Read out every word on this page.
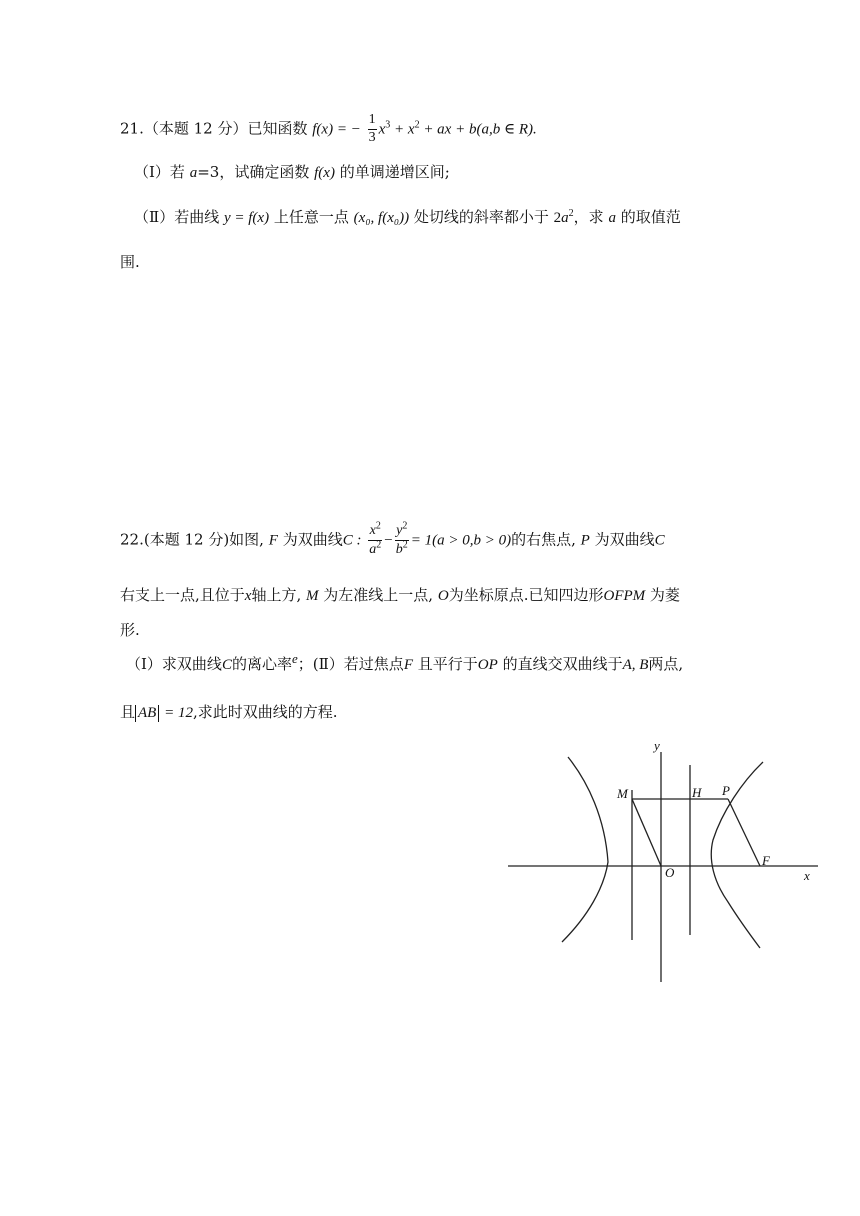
21.（本题 12 分）已知函数 f(x) = − $\frac{1}{3} x^3 + x^2$ + ax + b(a,b ∈ R).
（Ⅰ）若 a=3，试确定函数 f(x) 的单调递增区间;
（Ⅱ）若曲线 y = f(x) 上任意一点 (x₀, f(x₀)) 处切线的斜率都小于 $2a^2$，求 a 的取值范
围.
22.(本题 12 分)如图, F 为双曲线C : $\frac{x^2}{a^2} - \frac{y^2}{b^2} = 1(a > 0,b > 0)$的右焦点, P 为双曲线C
右支上一点,且位于x轴上方, M 为左准线上一点, O为坐标原点.已知四边形OFPM 为菱
形.
（Ⅰ）求双曲线C的离心率$^e$；(Ⅱ）若过焦点F 且平行于OP 的直线交双曲线于A, B两点,
且 AB = 12,求此时双曲线的方程.
y
M	H P
O
F
x
